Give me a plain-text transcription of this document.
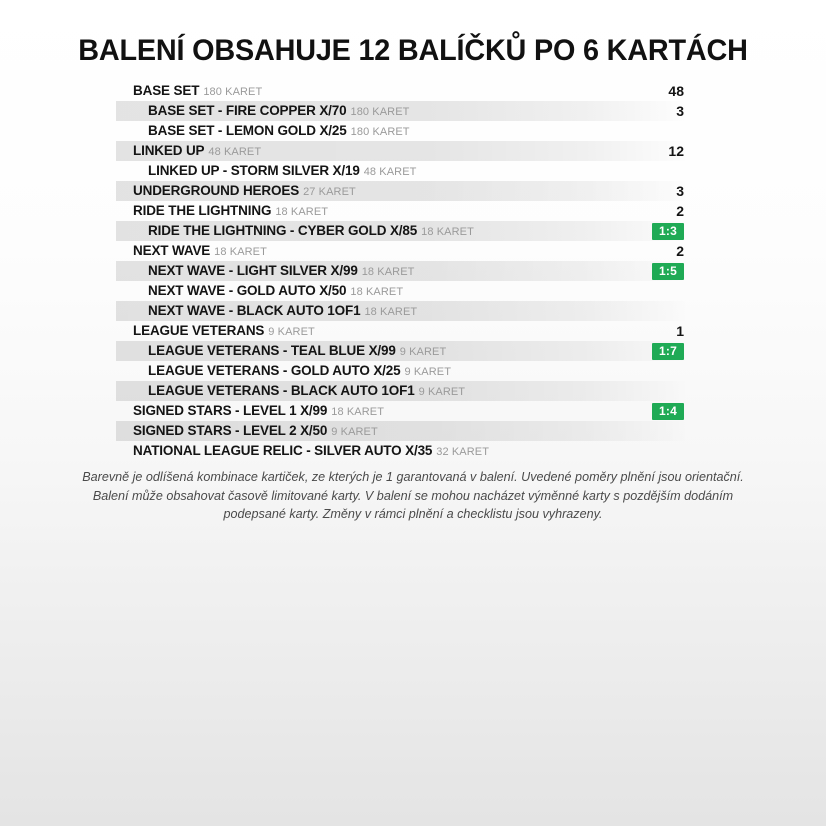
BALENÍ OBSAHUJE 12 BALÍČKŮ PO 6 KARTÁCH
BASE SET 180 KARET	48
BASE SET - FIRE COPPER X/70 180 KARET	3
BASE SET - LEMON GOLD X/25 180 KARET
LINKED UP 48 KARET	12
LINKED UP - STORM SILVER X/19 48 KARET
UNDERGROUND HEROES 27 KARET	3
RIDE THE LIGHTNING 18 KARET	2
RIDE THE LIGHTNING - CYBER GOLD X/85 18 KARET	1:3
NEXT WAVE 18 KARET	2
NEXT WAVE - LIGHT SILVER X/99 18 KARET	1:5
NEXT WAVE - GOLD AUTO X/50 18 KARET
NEXT WAVE - BLACK AUTO 1OF1 18 KARET
LEAGUE VETERANS 9 KARET	1
LEAGUE VETERANS - TEAL BLUE X/99 9 KARET	1:7
LEAGUE VETERANS - GOLD AUTO X/25 9 KARET
LEAGUE VETERANS - BLACK AUTO 1OF1 9 KARET
SIGNED STARS - LEVEL 1 X/99 18 KARET	1:4
SIGNED STARS - LEVEL 2 X/50 9 KARET
NATIONAL LEAGUE RELIC - SILVER AUTO X/35 32 KARET
Barevně je odlíšená kombinace kartiček, ze kterých je 1 garantovaná v balení. Uvedené poměry plnění jsou orientační. Balení může obsahovat časově limitované karty. V balení se mohou nacházet výměnné karty s pozdějším dodáním podepsané karty. Změny v rámci plnění a checklistu jsou vyhrazeny.
